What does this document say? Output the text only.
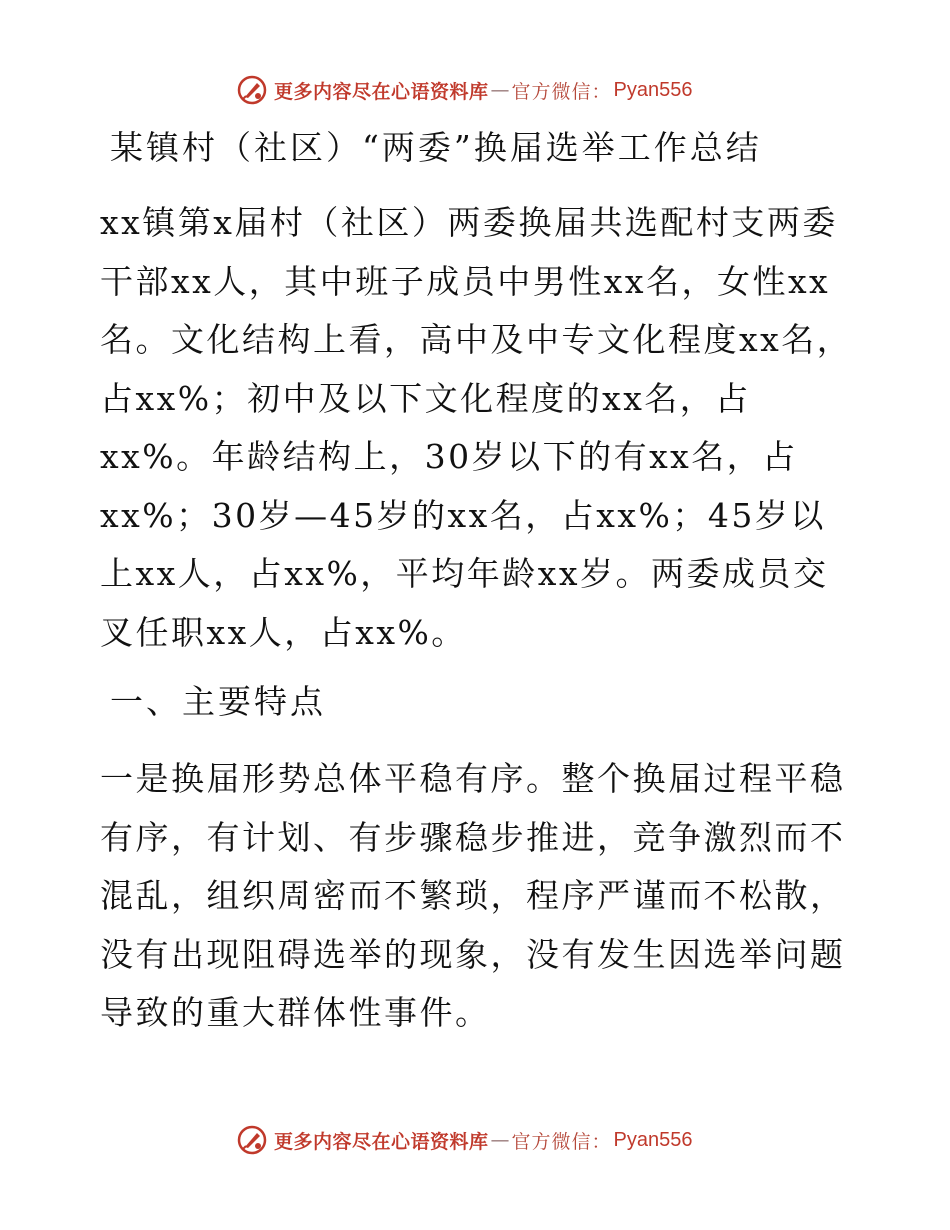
更多内容尽在心语资料库 — 官方微信： Pyan556
某镇村（社区）“两委”换届选举工作总结

xx镇第x届村（社区）两委换届共选配村支两委干部xx人，其中班子成员中男性xx名，女性xx名。文化结构上看，高中及中专文化程度xx名，占xx%；初中及以下文化程度的xx名，占xx%。年龄结构上，30岁以下的有xx名，占xx%；30岁—45岁的xx名，占xx%；45岁以上xx人，占xx%，平均年龄xx岁。两委成员交叉任职xx人，占xx%。

一、主要特点

一是换届形势总体平稳有序。整个换届过程平稳有序，有计划、有步骤稳步推进，竞争激烈而不混乱，组织周密而不繁琐，程序严谨而不松散，没有出现阻碍选举的现象，没有发生因选举问题导致的重大群体性事件。

更多内容尽在心语资料库 — 官方微信： Pyan556
